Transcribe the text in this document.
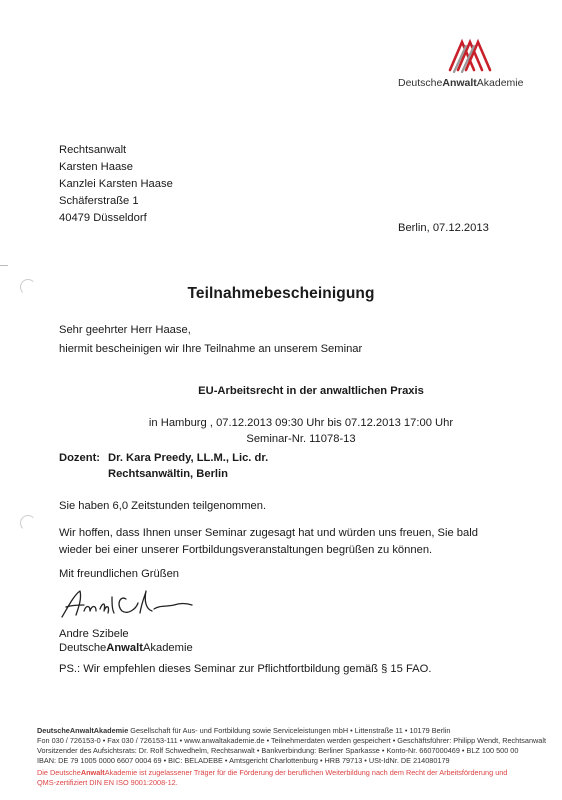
DeutscheAnwaltAkademie
Rechtsanwalt
Karsten Haase
Kanzlei Karsten Haase
Schäferstraße 1
40479 Düsseldorf
Berlin, 07.12.2013
Teilnahmebescheinigung
Sehr geehrter Herr Haase,
hiermit bescheinigen wir Ihre Teilnahme an unserem Seminar
EU-Arbeitsrecht in der anwaltlichen Praxis
in Hamburg , 07.12.2013 09:30 Uhr bis 07.12.2013 17:00 Uhr
Seminar-Nr. 11078-13
Dozent: Dr. Kara Preedy, LL.M., Lic. dr.
Rechtsanwältin, Berlin
Sie haben 6,0 Zeitstunden teilgenommen.
Wir hoffen, dass Ihnen unser Seminar zugesagt hat und würden uns freuen, Sie bald
wieder bei einer unserer Fortbildungsveranstaltungen begrüßen zu können.
Mit freundlichen Grüßen
Andre Szibele
DeutscheAnwaltAkademie
PS.: Wir empfehlen dieses Seminar zur Pflichtfortbildung gemäß § 15 FAO.
DeutscheAnwaltAkademie Gesellschaft für Aus- und Fortbildung sowie Serviceleistungen mbH • Littenstraße 11 • 10179 Berlin
Fon 030 / 726153-0 • Fax 030 / 726153-111 • www.anwaltakademie.de • Teilnehmerdaten werden gespeichert • Geschäftsführer: Philipp Wendt, Rechtsanwalt
Vorsitzender des Aufsichtsrats: Dr. Rolf Schwedhelm, Rechtsanwalt • Bankverbindung: Berliner Sparkasse • Konto-Nr. 6607000469 • BLZ 100 500 00
IBAN: DE 79 1005 0000 6607 0004 69 • BIC: BELADEBE • Amtsgericht Charlottenburg • HRB 79713 • USt-IdNr. DE 214080179
Die DeutscheAnwaltAkademie ist zugelassener Träger für die Förderung der beruflichen Weiterbildung nach dem Recht der Arbeitsförderung und
QMS-zertifiziert DIN EN ISO 9001:2008-12.
